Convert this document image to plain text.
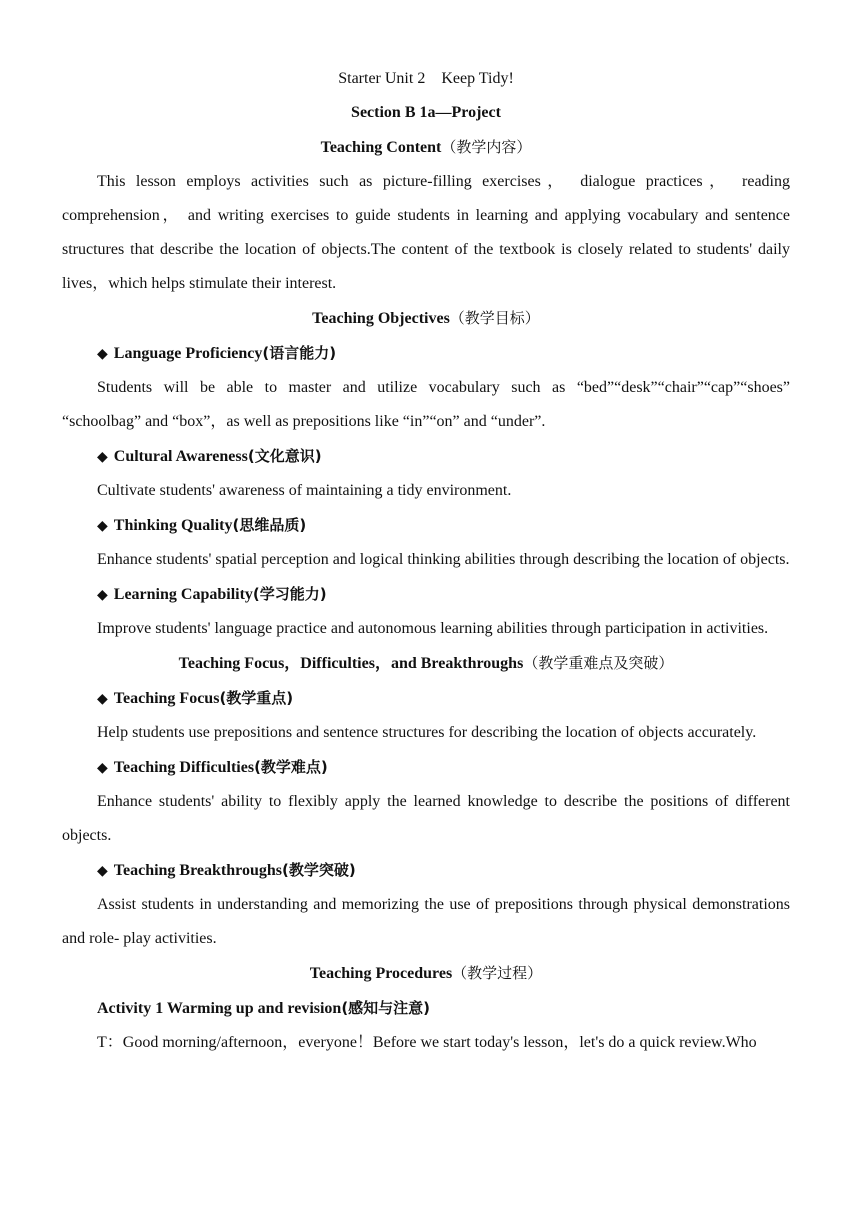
Starter Unit 2　Keep Tidy!

Section B 1a—Project

Teaching Content（教学内容）

This lesson employs activities such as picture-filling exercises， dialogue practices， reading comprehension， and writing exercises to guide students in learning and applying vocabulary and sentence structures that describe the location of objects.The content of the textbook is closely related to students' daily lives，which helps stimulate their interest.

Teaching Objectives（教学目标）

◆ Language Proficiency(语言能力)

Students will be able to master and utilize vocabulary such as “bed”“desk”“chair”“cap”“shoes” “schoolbag” and “box”，as well as prepositions like “in”“on” and “under”.

◆ Cultural Awareness(文化意识)

Cultivate students' awareness of maintaining a tidy environment.

◆ Thinking Quality(思维品质)

Enhance students' spatial perception and logical thinking abilities through describing the location of objects.

◆ Learning Capability(学习能力)

Improve students' language practice and autonomous learning abilities through participation in activities.

Teaching Focus，Difficulties，and Breakthroughs（教学重难点及突破）

◆ Teaching Focus(教学重点)

Help students use prepositions and sentence structures for describing the location of objects accurately.

◆ Teaching Difficulties(教学难点)

Enhance students' ability to flexibly apply the learned knowledge to describe the positions of different objects.

◆ Teaching Breakthroughs(教学突破)

Assist students in understanding and memorizing the use of prepositions through physical demonstrations and role- play activities.

Teaching Procedures（教学过程）

Activity 1 Warming up and revision(感知与注意)

T：Good morning/afternoon，everyone！Before we start today's lesson，let's do a quick review.Who
